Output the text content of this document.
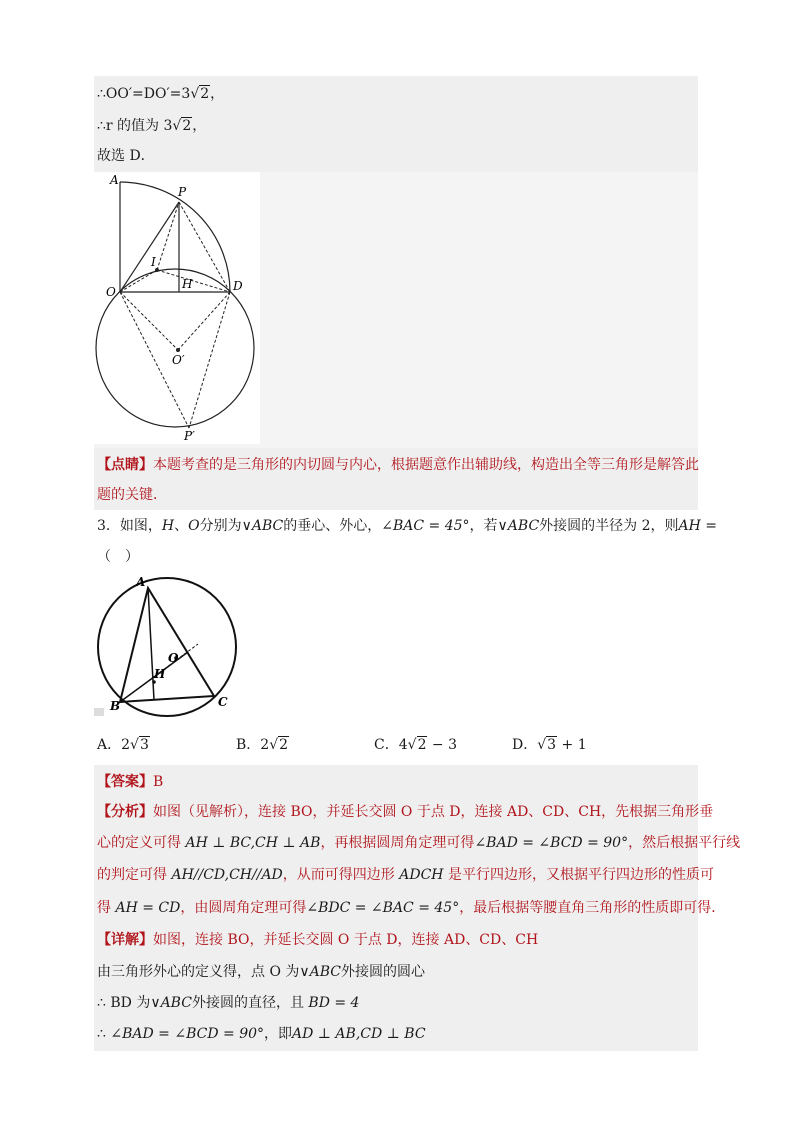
∴OO′=DO′=3√2，
∴r 的值为 3√2，
故选 D．
A
P
I
H
O	D
O′
P′
【点睛】本题考查的是三角形的内切圆与内心，根据题意作出辅助线，构造出全等三角形是解答此
题的关键．
3．如图，H、O分别为∨ABC的垂心、外心，∠BAC = 45°，若∨ABC外接圆的半径为 2，则AH =
（　）
A
O
H
B	C
A．2√3	B．2√2	C．4√2 − 3	D．√3 + 1
【答案】B
【分析】如图（见解析），连接 BO，并延长交圆 O 于点 D，连接 AD、CD、CH，先根据三角形垂
心的定义可得 AH ⊥ BC,CH ⊥ AB，再根据圆周角定理可得∠BAD = ∠BCD = 90°，然后根据平行线
的判定可得 AH//CD,CH//AD，从而可得四边形 ADCH 是平行四边形，又根据平行四边形的性质可
得 AH = CD，由圆周角定理可得∠BDC = ∠BAC = 45°，最后根据等腰直角三角形的性质即可得．
【详解】如图，连接 BO，并延长交圆 O 于点 D，连接 AD、CD、CH
由三角形外心的定义得，点 O 为∨ABC外接圆的圆心
∴ BD 为∨ABC外接圆的直径，且 BD = 4
∴ ∠BAD = ∠BCD = 90°，即AD ⊥ AB,CD ⊥ BC
